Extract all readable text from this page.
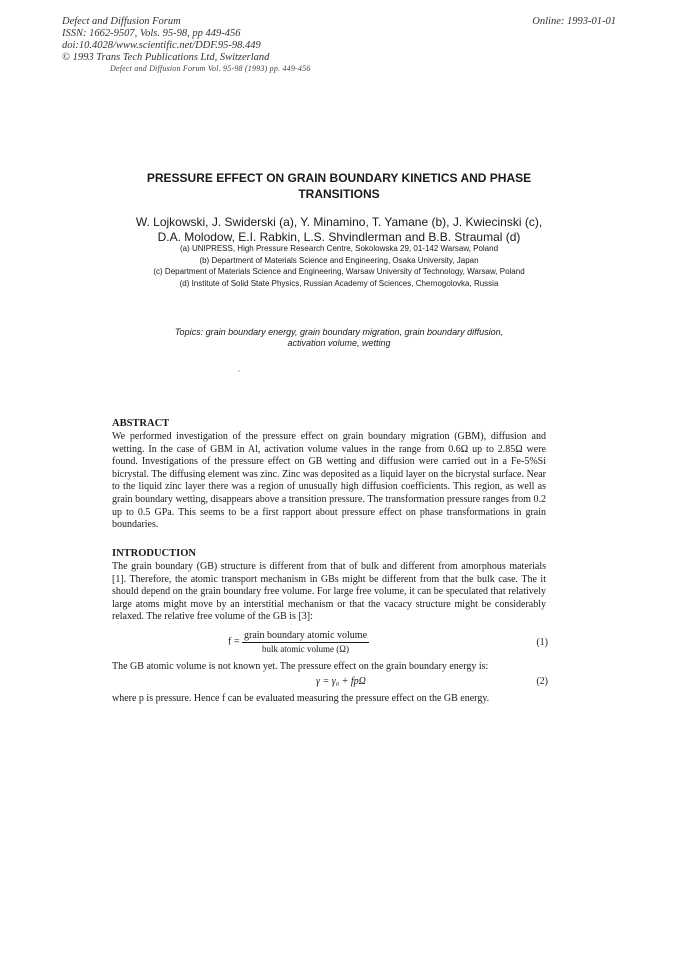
Defect and Diffusion Forum
ISSN: 1662-9507, Vols. 95-98, pp 449-456
doi:10.4028/www.scientific.net/DDF.95-98.449
© 1993 Trans Tech Publications Ltd, Switzerland
Online: 1993-01-01
Defect and Diffusion Forum Vol. 95-98 (1993) pp. 449-456
PRESSURE EFFECT ON GRAIN BOUNDARY KINETICS AND PHASE
TRANSITIONS
W. Lojkowski, J. Swiderski (a), Y. Minamino, T. Yamane (b), J. Kwiecinski (c),
D.A. Molodow, E.I. Rabkin, L.S. Shvindlerman and B.B. Straumal (d)
(a) UNIPRESS, High Pressure Research Centre, Sokolowska 29, 01-142 Warsaw, Poland
(b) Department of Materials Science and Engineering, Osaka University, Japan
(c) Department of Materials Science and Engineering, Warsaw University of Technology, Warsaw, Poland
(d) Institute of Solid State Physics, Russian Academy of Sciences, Chernogolovka, Russia
Topics: grain boundary energy, grain boundary migration, grain boundary diffusion,
activation volume, wetting
ABSTRACT
We performed investigation of the pressure effect on grain boundary migration (GBM), diffusion and wetting. In the case of GBM in Al, activation volume values in the range from 0.6Ω up to 2.85Ω were found. Investigations of the pressure effect on GB wetting and diffusion were carried out in a Fe-5%Si bicrystal. The diffusing element was zinc. Zinc was deposited as a liquid layer on the bicrystal surface. Near to the liquid zinc layer there was a region of unusually high diffusion coefficients. This region, as well as grain boundary wetting, disappears above a transition pressure. The transformation pressure ranges from 0.2 up to 0.5 GPa. This seems to be a first rapport about pressure effect on phase transformations in grain boundaries.
INTRODUCTION
The grain boundary (GB) structure is different from that of bulk and different from amorphous materials [1]. Therefore, the atomic transport mechanism in GBs might be different from that the bulk case. The it should depend on the grain boundary free volume. For large free volume, it can be speculated that relatively large atoms might move by an interstitial mechanism or that the vacacy structure might be considerably relaxed. The relative free volume of the GB is [3]:
$f = \frac{\text{grain boundary atomic volume}}{\text{bulk atomic volume (Ω)}}$	(1)
The GB atomic volume is not known yet. The pressure effect on the grain boundary energy is:
γ = γ₀ + fpΩ	(2)
where p is pressure. Hence f can be evaluated measuring the pressure effect on the GB energy.
